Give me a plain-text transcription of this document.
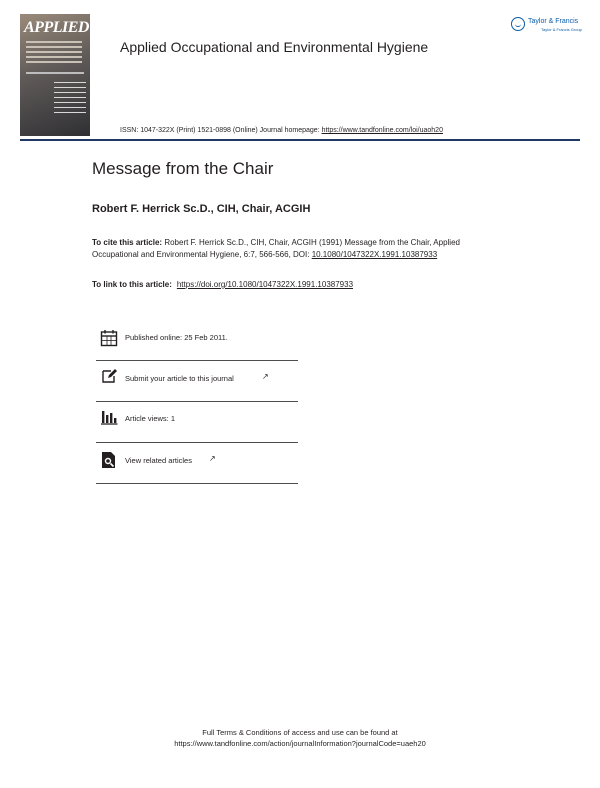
APPLIED
Applied Occupational and Environmental Hygiene
Taylor & Francis
Taylor & Francis Group
ISSN: 1047-322X (Print) 1521-0898 (Online) Journal homepage: https://www.tandfonline.com/loi/uaoh20
Message from the Chair
Robert F. Herrick Sc.D., CIH, Chair, ACGIH
To cite this article: Robert F. Herrick Sc.D., CIH, Chair, ACGIH (1991) Message from the Chair, Applied Occupational and Environmental Hygiene, 6:7, 566-566, DOI: 10.1080/1047322X.1991.10387933
To link to this article: https://doi.org/10.1080/1047322X.1991.10387933
Published online: 25 Feb 2011.
Submit your article to this journal	↗
Article views: 1
View related articles ↗
Full Terms & Conditions of access and use can be found at
https://www.tandfonline.com/action/journalInformation?journalCode=uaeh20
